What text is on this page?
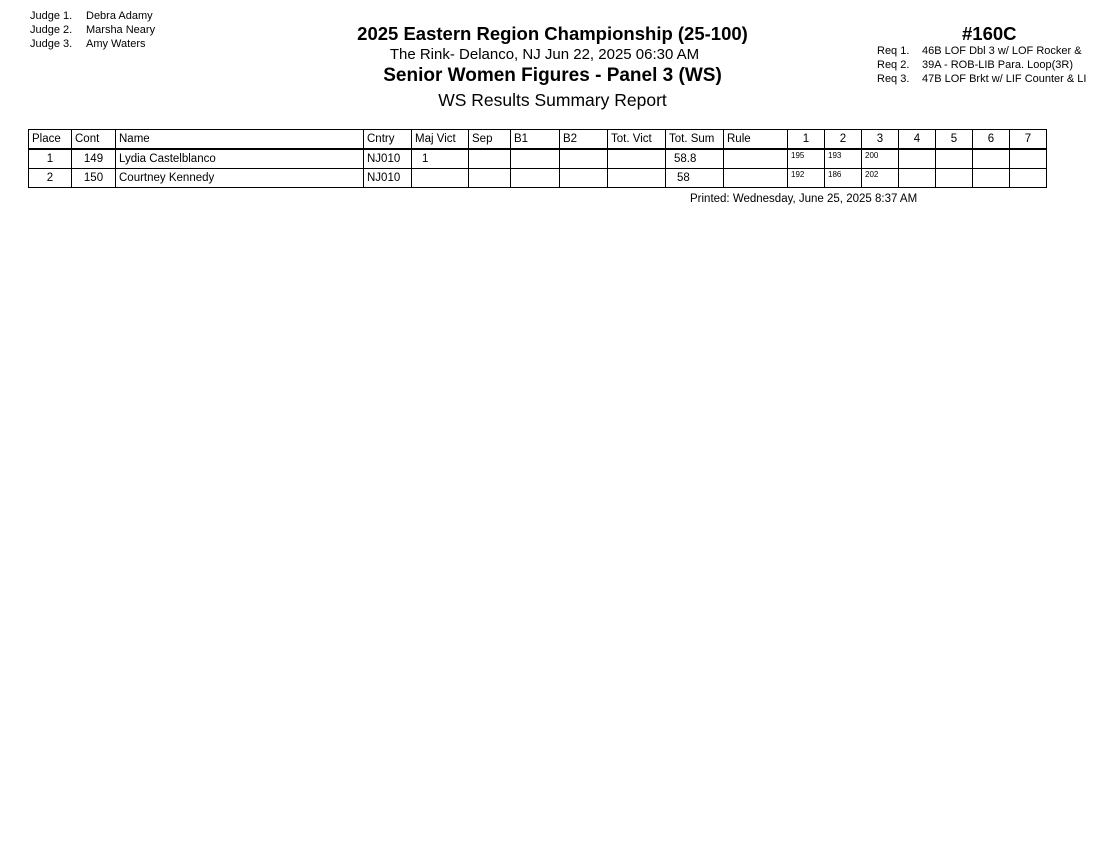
Judge 1. Debra Adamy
Judge 2. Marsha Neary
Judge 3. Amy Waters	2025 Eastern Region Championship (25-100)
The Rink- Delanco, NJ Jun 22, 2025 06:30 AM
Senior Women Figures - Panel 3 (WS)
WS Results Summary Report
#160C
Req 1. 46B LOF Dbl 3 w/ LOF Rocker &
Req 2. 39A - ROB-LIB Para. Loop(3R)
Req 3. 47B LOF Brkt w/ LIF Counter & LI
Place	Cont	Name	Cntry	Maj Vict	Sep	B1	B2	Tot. Vict	Tot. Sum	Rule	1	2	3	4	5	6	7
1	149	Lydia Castelblanco	NJ010	1					58.8		195	193	200				
2	150	Courtney Kennedy	NJ010						58		192	186	202				
Printed: Wednesday, June 25, 2025 8:37 AM
